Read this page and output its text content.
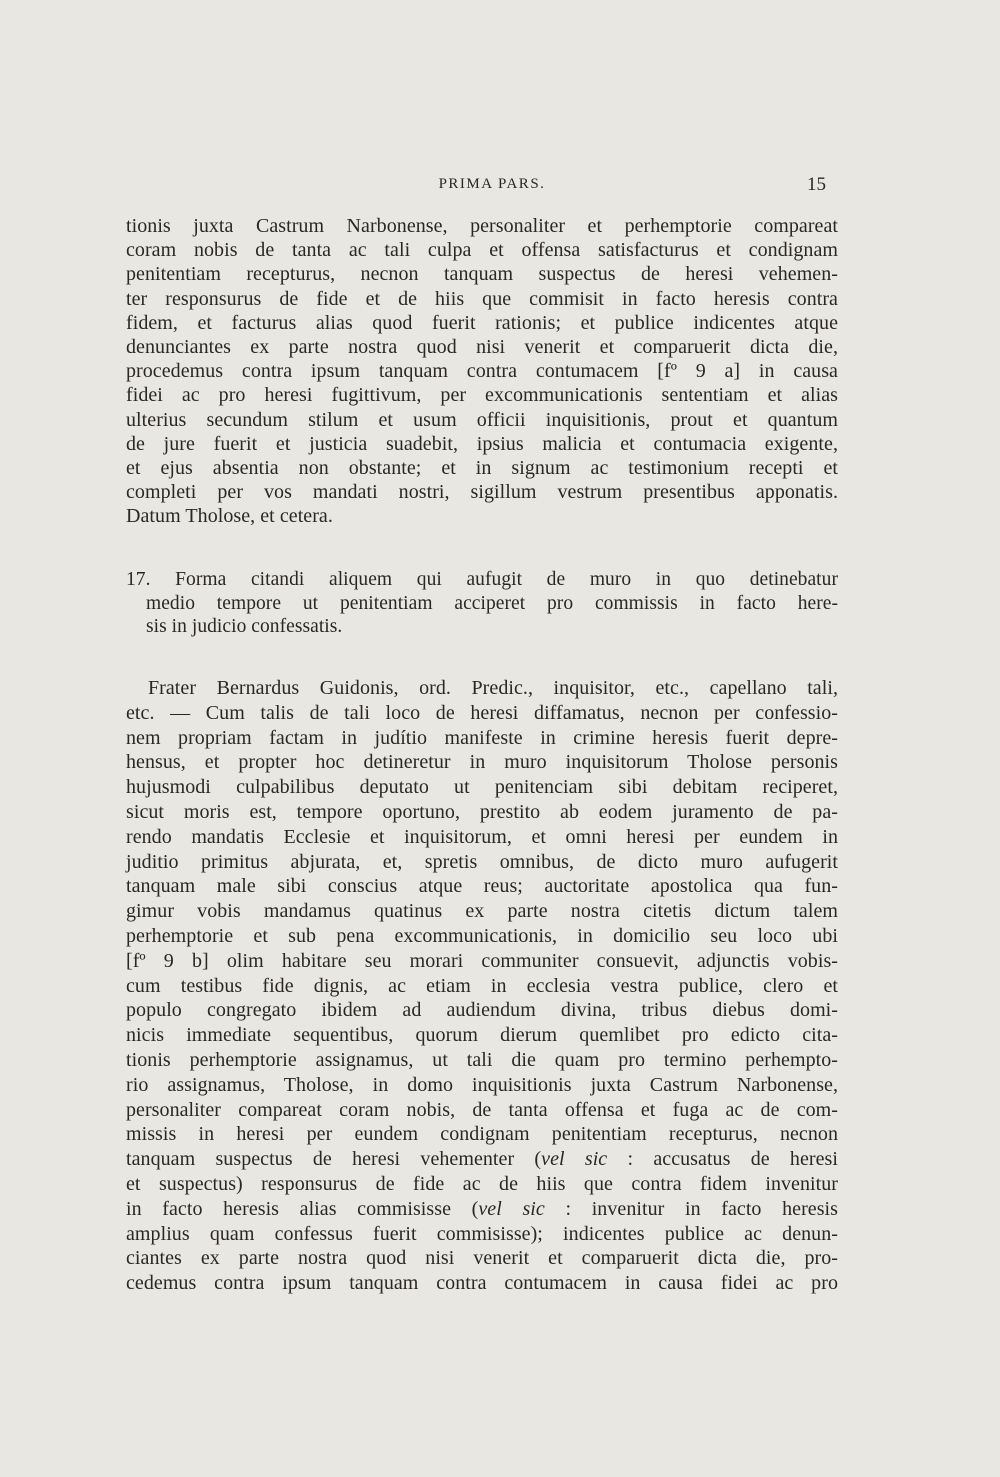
PRIMA PARS.	15
tionis juxta Castrum Narbonense, personaliter et perhemptorie compareat
coram nobis de tanta ac tali culpa et offensa satisfacturus et condignam
penitentiam recepturus, necnon tanquam suspectus de heresi vehemen-
ter responsurus de fide et de hiis que commisit in facto heresis contra
fidem, et facturus alias quod fuerit rationis; et publice indicentes atque
denunciantes ex parte nostra quod nisi venerit et comparuerit dicta die,
procedemus contra ipsum tanquam contra contumacem [fº 9 a] in causa
fidei ac pro heresi fugittivum, per excommunicationis sententiam et alias
ulterius secundum stilum et usum officii inquisitionis, prout et quantum
de jure fuerit et justicia suadebit, ipsius malicia et contumacia exigente,
et ejus absentia non obstante; et in signum ac testimonium recepti et
completi per vos mandati nostri, sigillum vestrum presentibus apponatis.
Datum Tholose, et cetera.
17. Forma citandi aliquem qui aufugit de muro in quo detinebatur
medio tempore ut penitentiam acciperet pro commissis in facto here-
sis in judicio confessatis.
Frater Bernardus Guidonis, ord. Predic., inquisitor, etc., capellano tali,
etc. — Cum talis de tali loco de heresi diffamatus, necnon per confessio-
nem propriam factam in judítio manifeste in crimine heresis fuerit depre-
hensus, et propter hoc detineretur in muro inquisitorum Tholose personis
hujusmodi culpabilibus deputato ut penitenciam sibi debitam reciperet,
sicut moris est, tempore oportuno, prestito ab eodem juramento de pa-
rendo mandatis Ecclesie et inquisitorum, et omni heresi per eundem in
juditio primitus abjurata, et, spretis omnibus, de dicto muro aufugerit
tanquam male sibi conscius atque reus; auctoritate apostolica qua fun-
gimur vobis mandamus quatinus ex parte nostra citetis dictum talem
perhemptorie et sub pena excommunicationis, in domicilio seu loco ubi
[fº 9 b] olim habitare seu morari communiter consuevit, adjunctis vobis-
cum testibus fide dignis, ac etiam in ecclesia vestra publice, clero et
populo congregato ibidem ad audiendum divina, tribus diebus domi-
nicis immediate sequentibus, quorum dierum quemlibet pro edicto cita-
tionis perhemptorie assignamus, ut tali die quam pro termino perhempto-
rio assignamus, Tholose, in domo inquisitionis juxta Castrum Narbonense,
personaliter compareat coram nobis, de tanta offensa et fuga ac de com-
missis in heresi per eundem condignam penitentiam recepturus, necnon
tanquam suspectus de heresi vehementer (vel sic : accusatus de heresi
et suspectus) responsurus de fide ac de hiis que contra fidem invenitur
in facto heresis alias commisisse (vel sic : invenitur in facto heresis
amplius quam confessus fuerit commisisse); indicentes publice ac denun-
ciantes ex parte nostra quod nisi venerit et comparuerit dicta die, pro-
cedemus contra ipsum tanquam contra contumacem in causa fidei ac pro
